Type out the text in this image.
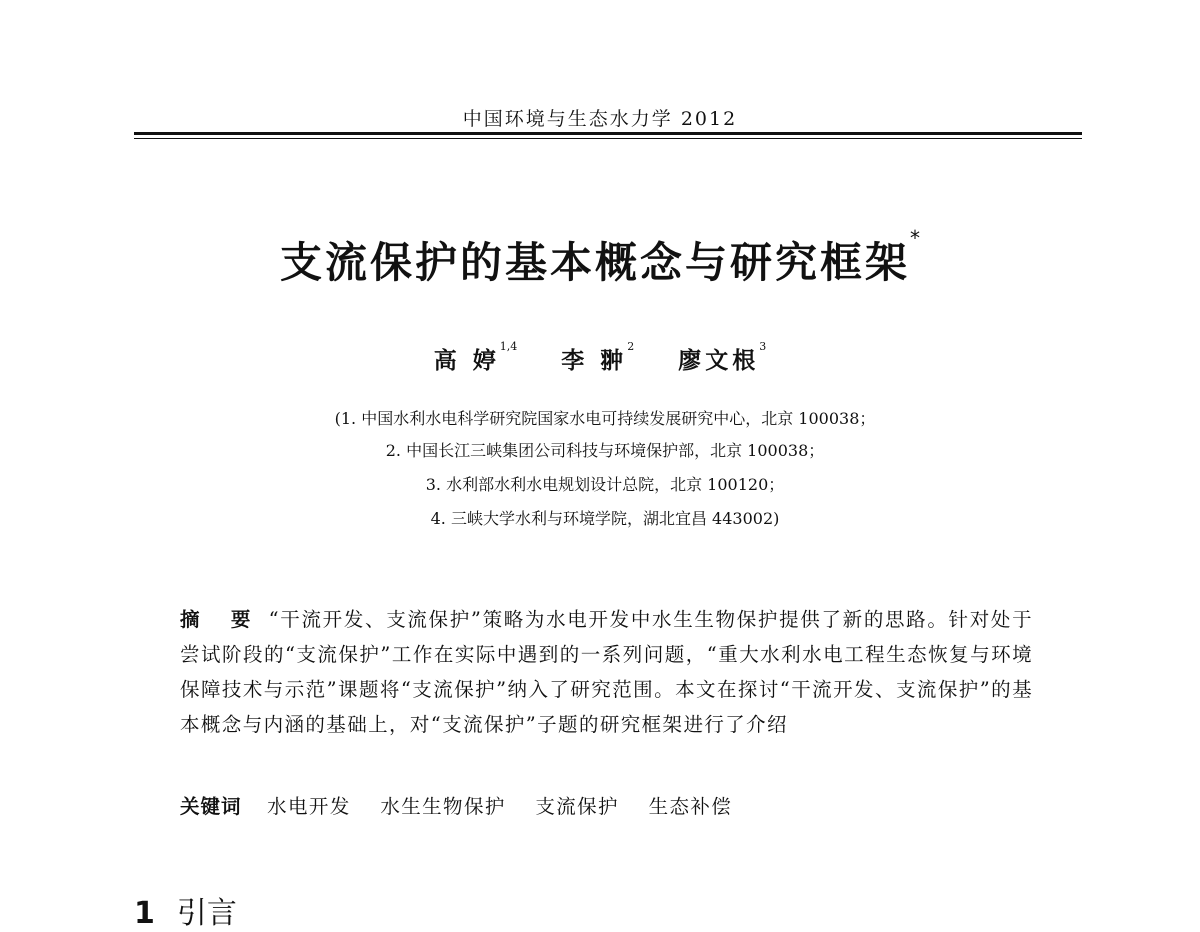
中国环境与生态水力学 2012
支流保护的基本概念与研究框架*
高 婷$^{1,4}$ 李 翀$^2$ 廖文根$^3$
(1. 中国水利水电科学研究院国家水电可持续发展研究中心，北京 100038；
2. 中国长江三峡集团公司科技与环境保护部，北京 100038；
3. 水利部水利水电规划设计总院，北京 100120；
4. 三峡大学水利与环境学院，湖北宜昌 443002)
摘 要 “干流开发、支流保护”策略为水电开发中水生生物保护提供了新的思路。针对处于尝试阶段的“支流保护”工作在实际中遇到的一系列问题，“重大水利水电工程生态恢复与环境保障技术与示范”课题将“支流保护”纳入了研究范围。本文在探讨“干流开发、支流保护”的基本概念与内涵的基础上，对“支流保护”子题的研究框架进行了介绍
关键词 水电开发 水生生物保护 支流保护 生态补偿
1 引言
